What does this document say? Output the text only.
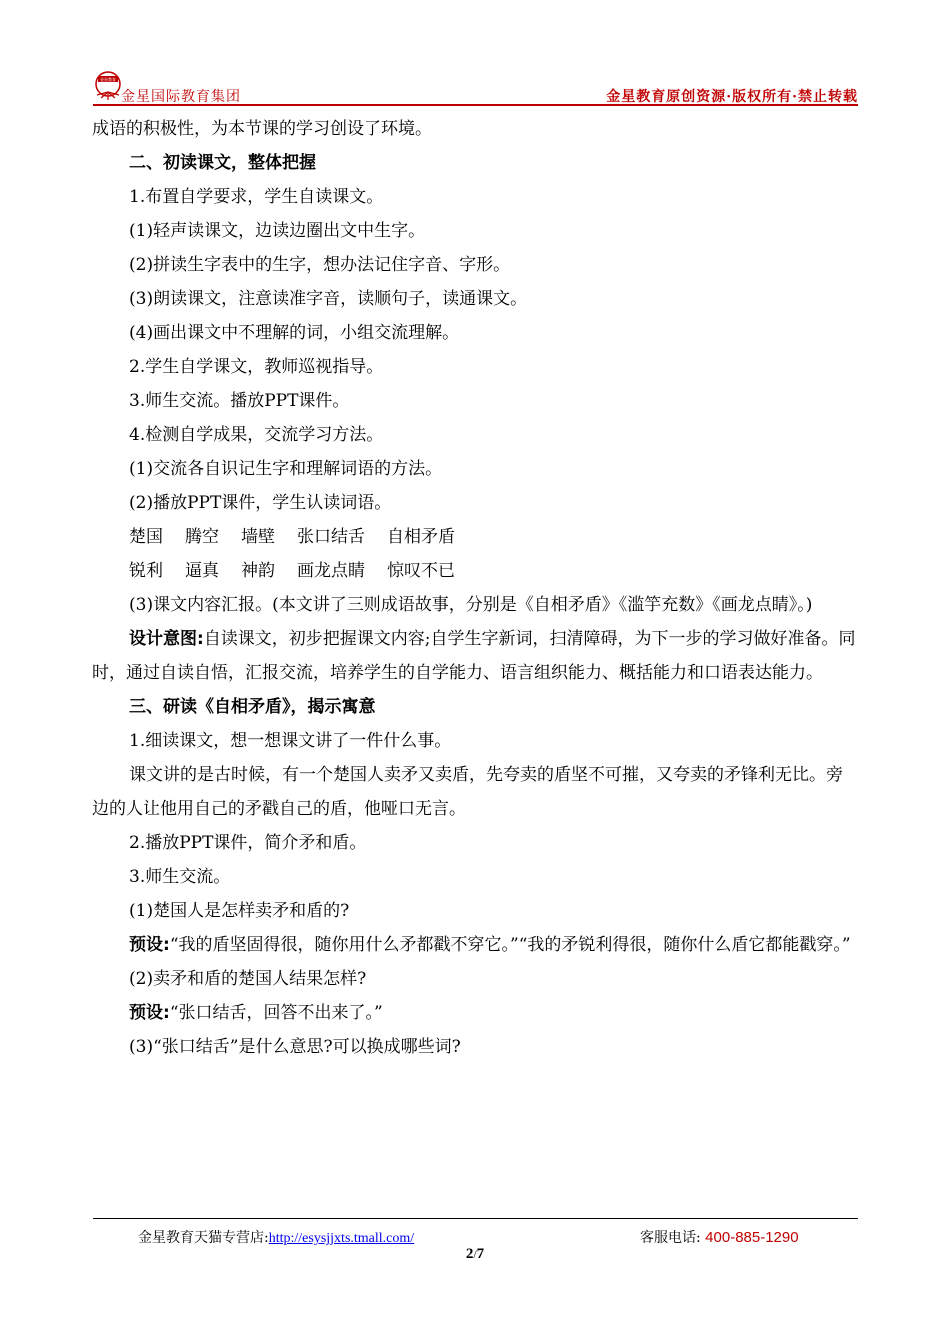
金星教育
金星国际教育集团	金星教育原创资源·版权所有·禁止转载
成语的积极性，为本节课的学习创设了环境。
二、初读课文，整体把握
1.布置自学要求，学生自读课文。
(1)轻声读课文，边读边圈出文中生字。
(2)拼读生字表中的生字，想办法记住字音、字形。
(3)朗读课文，注意读准字音，读顺句子，读通课文。
(4)画出课文中不理解的词，小组交流理解。
2.学生自学课文，教师巡视指导。
3.师生交流。播放PPT课件。
4.检测自学成果，交流学习方法。
(1)交流各自识记生字和理解词语的方法。
(2)播放PPT课件，学生认读词语。
楚国 腾空 墙壁 张口结舌 自相矛盾
锐利 逼真 神韵 画龙点睛 惊叹不已
(3)课文内容汇报。(本文讲了三则成语故事，分别是《自相矛盾》《滥竽充数》《画龙点睛》。)
设计意图:自读课文，初步把握课文内容;自学生字新词，扫清障碍，为下一步的学习做好准备。同时，通过自读自悟，汇报交流，培养学生的自学能力、语言组织能力、概括能力和口语表达能力。
三、研读《自相矛盾》，揭示寓意
1.细读课文，想一想课文讲了一件什么事。
课文讲的是古时候，有一个楚国人卖矛又卖盾，先夸卖的盾坚不可摧，又夸卖的矛锋利无比。旁边的人让他用自己的矛戳自己的盾，他哑口无言。
2.播放PPT课件，简介矛和盾。
3.师生交流。
(1)楚国人是怎样卖矛和盾的?
预设:“我的盾坚固得很，随你用什么矛都戳不穿它。”“我的矛锐利得很，随你什么盾它都能戳穿。”
(2)卖矛和盾的楚国人结果怎样?
预设:“张口结舌，回答不出来了。”
(3)“张口结舌”是什么意思?可以换成哪些词?
金星教育天猫专营店:http://esysjjxts.tmall.com/	客服电话: 400-885-1290
2/7
